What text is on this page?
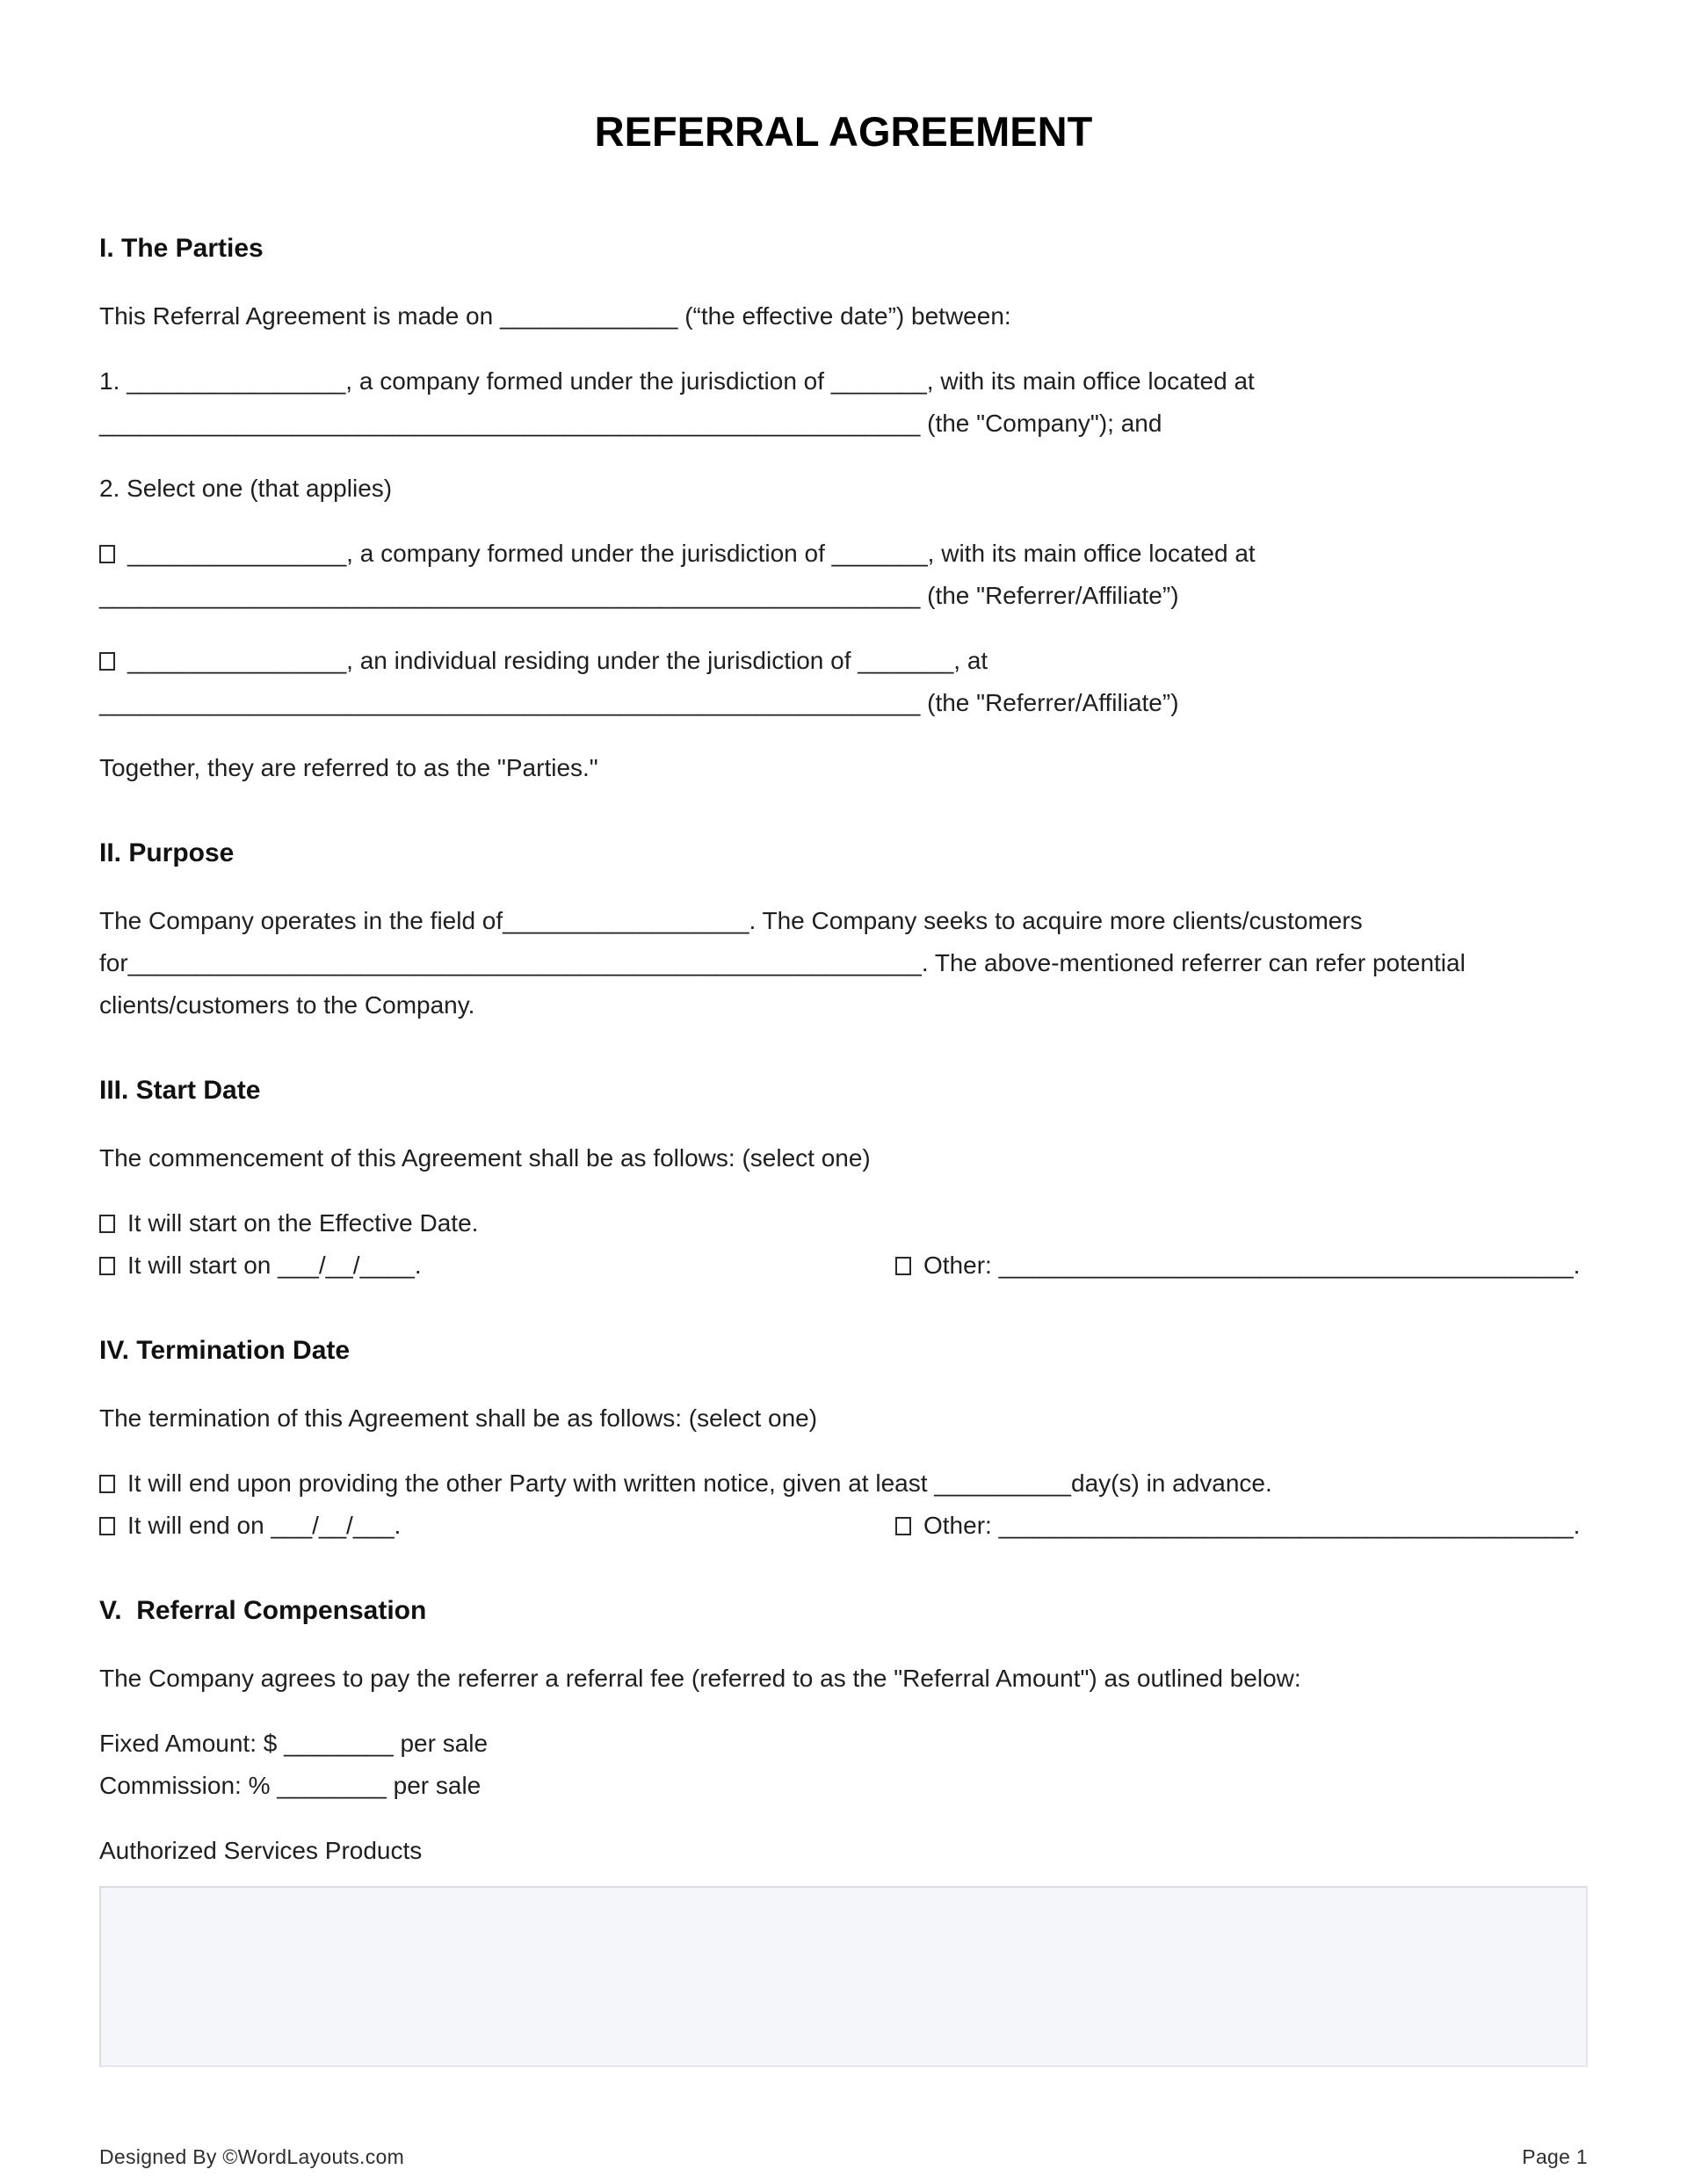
REFERRAL AGREEMENT
I. The Parties
This Referral Agreement is made on _____________ (“the effective date”) between:
1. ________________, a company formed under the jurisdiction of _______, with its main office located at
____________________________________________________________ (the "Company"); and
2. Select one (that applies)
________________, a company formed under the jurisdiction of _______, with its main office located at
____________________________________________________________ (the "Referrer/Affiliate”)
________________, an individual residing under the jurisdiction of _______, at
____________________________________________________________ (the "Referrer/Affiliate”)
Together, they are referred to as the "Parties."
II. Purpose
The Company operates in the field of__________________. The Company seeks to acquire more clients/customers
for__________________________________________________________. The above-mentioned referrer can refer potential
clients/customers to the Company.
III. Start Date
The commencement of this Agreement shall be as follows: (select one)
It will start on the Effective Date.
It will start on ___/__/____.	Other: __________________________________________.
IV. Termination Date
The termination of this Agreement shall be as follows: (select one)
It will end upon providing the other Party with written notice, given at least __________day(s) in advance.
It will end on ___/__/___.	Other: __________________________________________.
V.  Referral Compensation
The Company agrees to pay the referrer a referral fee (referred to as the "Referral Amount") as outlined below:
Fixed Amount: $ ________ per sale
Commission: % ________ per sale
Authorized Services Products
Designed By ©WordLayouts.com	Page 1
